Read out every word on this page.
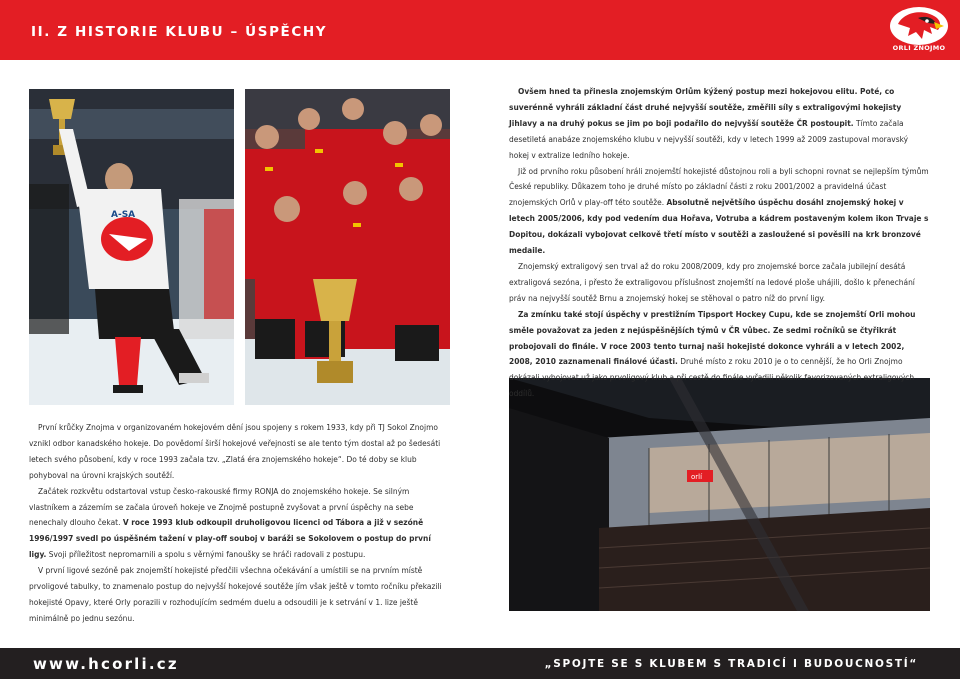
II. Z HISTORIE KLUBU – ÚSPĚCHY
ORLI ZNOJMO
A-SA
orlí

Ovšem hned ta přinesla znojemským Orlům kýžený postup mezi hokejovou elitu. Poté, co suverénně vyhráli základní část druhé nejvyšší soutěže, změřili síly s extraligovými hokejisty Jihlavy a na druhý pokus se jim po boji podařilo do nejvyšší soutěže ČR postoupit. Tímto začala desetiletá anabáze znojemského klubu v nejvyšší soutěži, kdy v letech 1999 až 2009 zastupoval moravský hokej v extralize ledního hokeje.

Již od prvního roku působení hráli znojemští hokejisté důstojnou roli a byli schopni rovnat se nejlepším týmům České republiky. Důkazem toho je druhé místo po základní části z roku 2001/2002 a pravidelná účast znojemských Orlů v play-off této soutěže. Absolutně největšího úspěchu dosáhl znojemský hokej v letech 2005/2006, kdy pod vedením dua Hořava, Votruba a kádrem postaveným kolem ikon Trvaje s Dopitou, dokázali vybojovat celkově třetí místo v soutěži a zasloužené si pověsili na krk bronzové medaile.

Znojemský extraligový sen trval až do roku 2008/2009, kdy pro znojemské borce začala jubilejní desátá extraligová sezóna, i přesto že extraligovou příslušnost znojemští na ledové ploše uhájili, došlo k přenechání práv na nejvyšší soutěž Brnu a znojemský hokej se stěhoval o patro níž do první ligy.

Za zmínku také stojí úspěchy v prestižním Tipsport Hockey Cupu, kde se znojemští Orli mohou směle považovat za jeden z nejúspěšnějších týmů v ČR vůbec. Ze sedmi ročníků se čtyřikrát probojovali do finále. V roce 2003 tento turnaj naši hokejisté dokonce vyhráli a v letech 2002, 2008, 2010 zaznamenali finálové účasti. Druhé místo z roku 2010 je o to cennější, že ho Orli Znojmo dokázali vybojovat už jako prvoligový klub a při cestě do finále vyřadili několik favorizovaných extraligových oddílů.

První krůčky Znojma v organizovaném hokejovém dění jsou spojeny s rokem 1933, kdy při TJ Sokol Znojmo vznikl odbor kanadského hokeje. Do povědomí širší hokejové veřejnosti se ale tento tým dostal až po šedesáti letech svého působení, kdy v roce 1993 začala tzv. „Zlatá éra znojemského hokeje“. Do té doby se klub pohyboval na úrovni krajských soutěží.

Začátek rozkvětu odstartoval vstup česko-rakouské firmy RONJA do znojemského hokeje. Se silným vlastníkem a zázemím se začala úroveň hokeje ve Znojmě postupně zvyšovat a první úspěchy na sebe nenechaly dlouho čekat. V roce 1993 klub odkoupil druholigovou licenci od Tábora a již v sezóně 1996/1997 svedl po úspěšném tažení v play-off souboj v baráži se Sokolovem o postup do první ligy. Svoji příležitost nepromarnili a spolu s věrnými fanoušky se hráči radovali z postupu.

V první ligové sezóně pak znojemští hokejisté předčili všechna očekávání a umístili se na prvním místě prvoligové tabulky, to znamenalo postup do nejvyšší hokejové soutěže jím však ještě v tomto ročníku překazili hokejisté Opavy, které Orly porazili v rozhodujícím sedmém duelu a odsoudili je k setrvání v 1. lize ještě minimálně po jednu sezónu.

www.hcorli.cz	„SPOJTE SE S KLUBEM S TRADICÍ I BUDOUCNOSTÍ“
